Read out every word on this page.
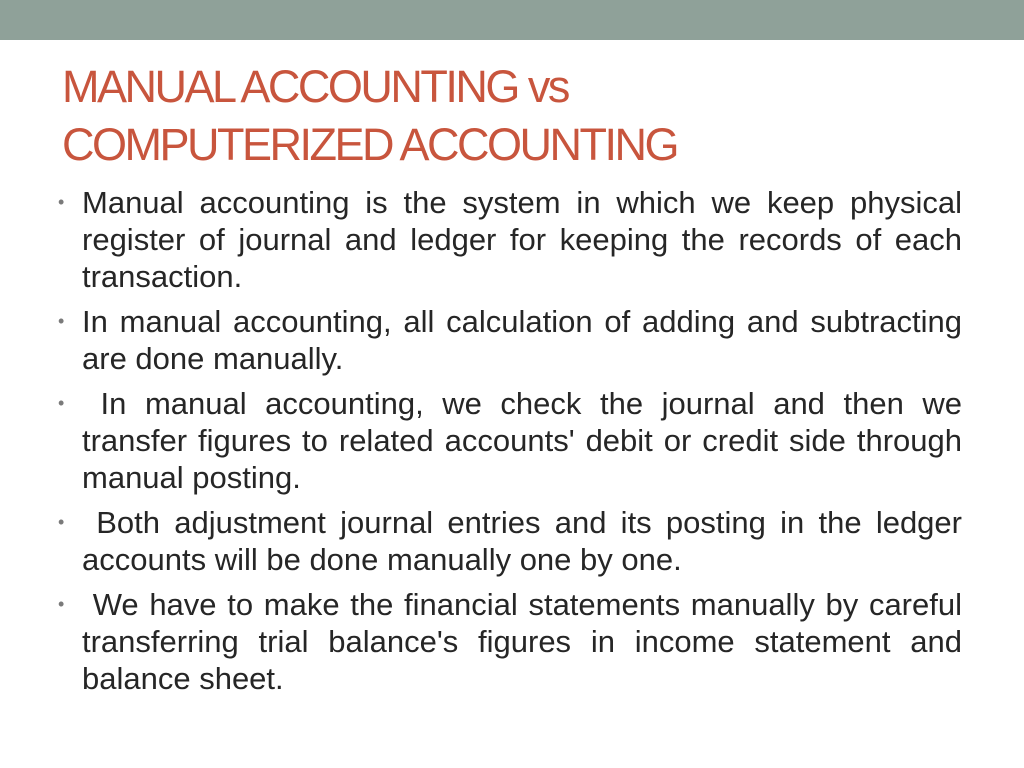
MANUAL ACCOUNTING vs
COMPUTERIZED ACCOUNTING
• Manual accounting is the system in which we keep physical register of journal and ledger for keeping the records of each transaction.
• In manual accounting, all calculation of adding and subtracting are done manually.
• In manual accounting, we check the journal and then we transfer figures to related accounts' debit or credit side through manual posting.
• Both adjustment journal entries and its posting in the ledger accounts will be done manually one by one.
• We have to make the financial statements manually by careful transferring trial balance's figures in income statement and balance sheet.
